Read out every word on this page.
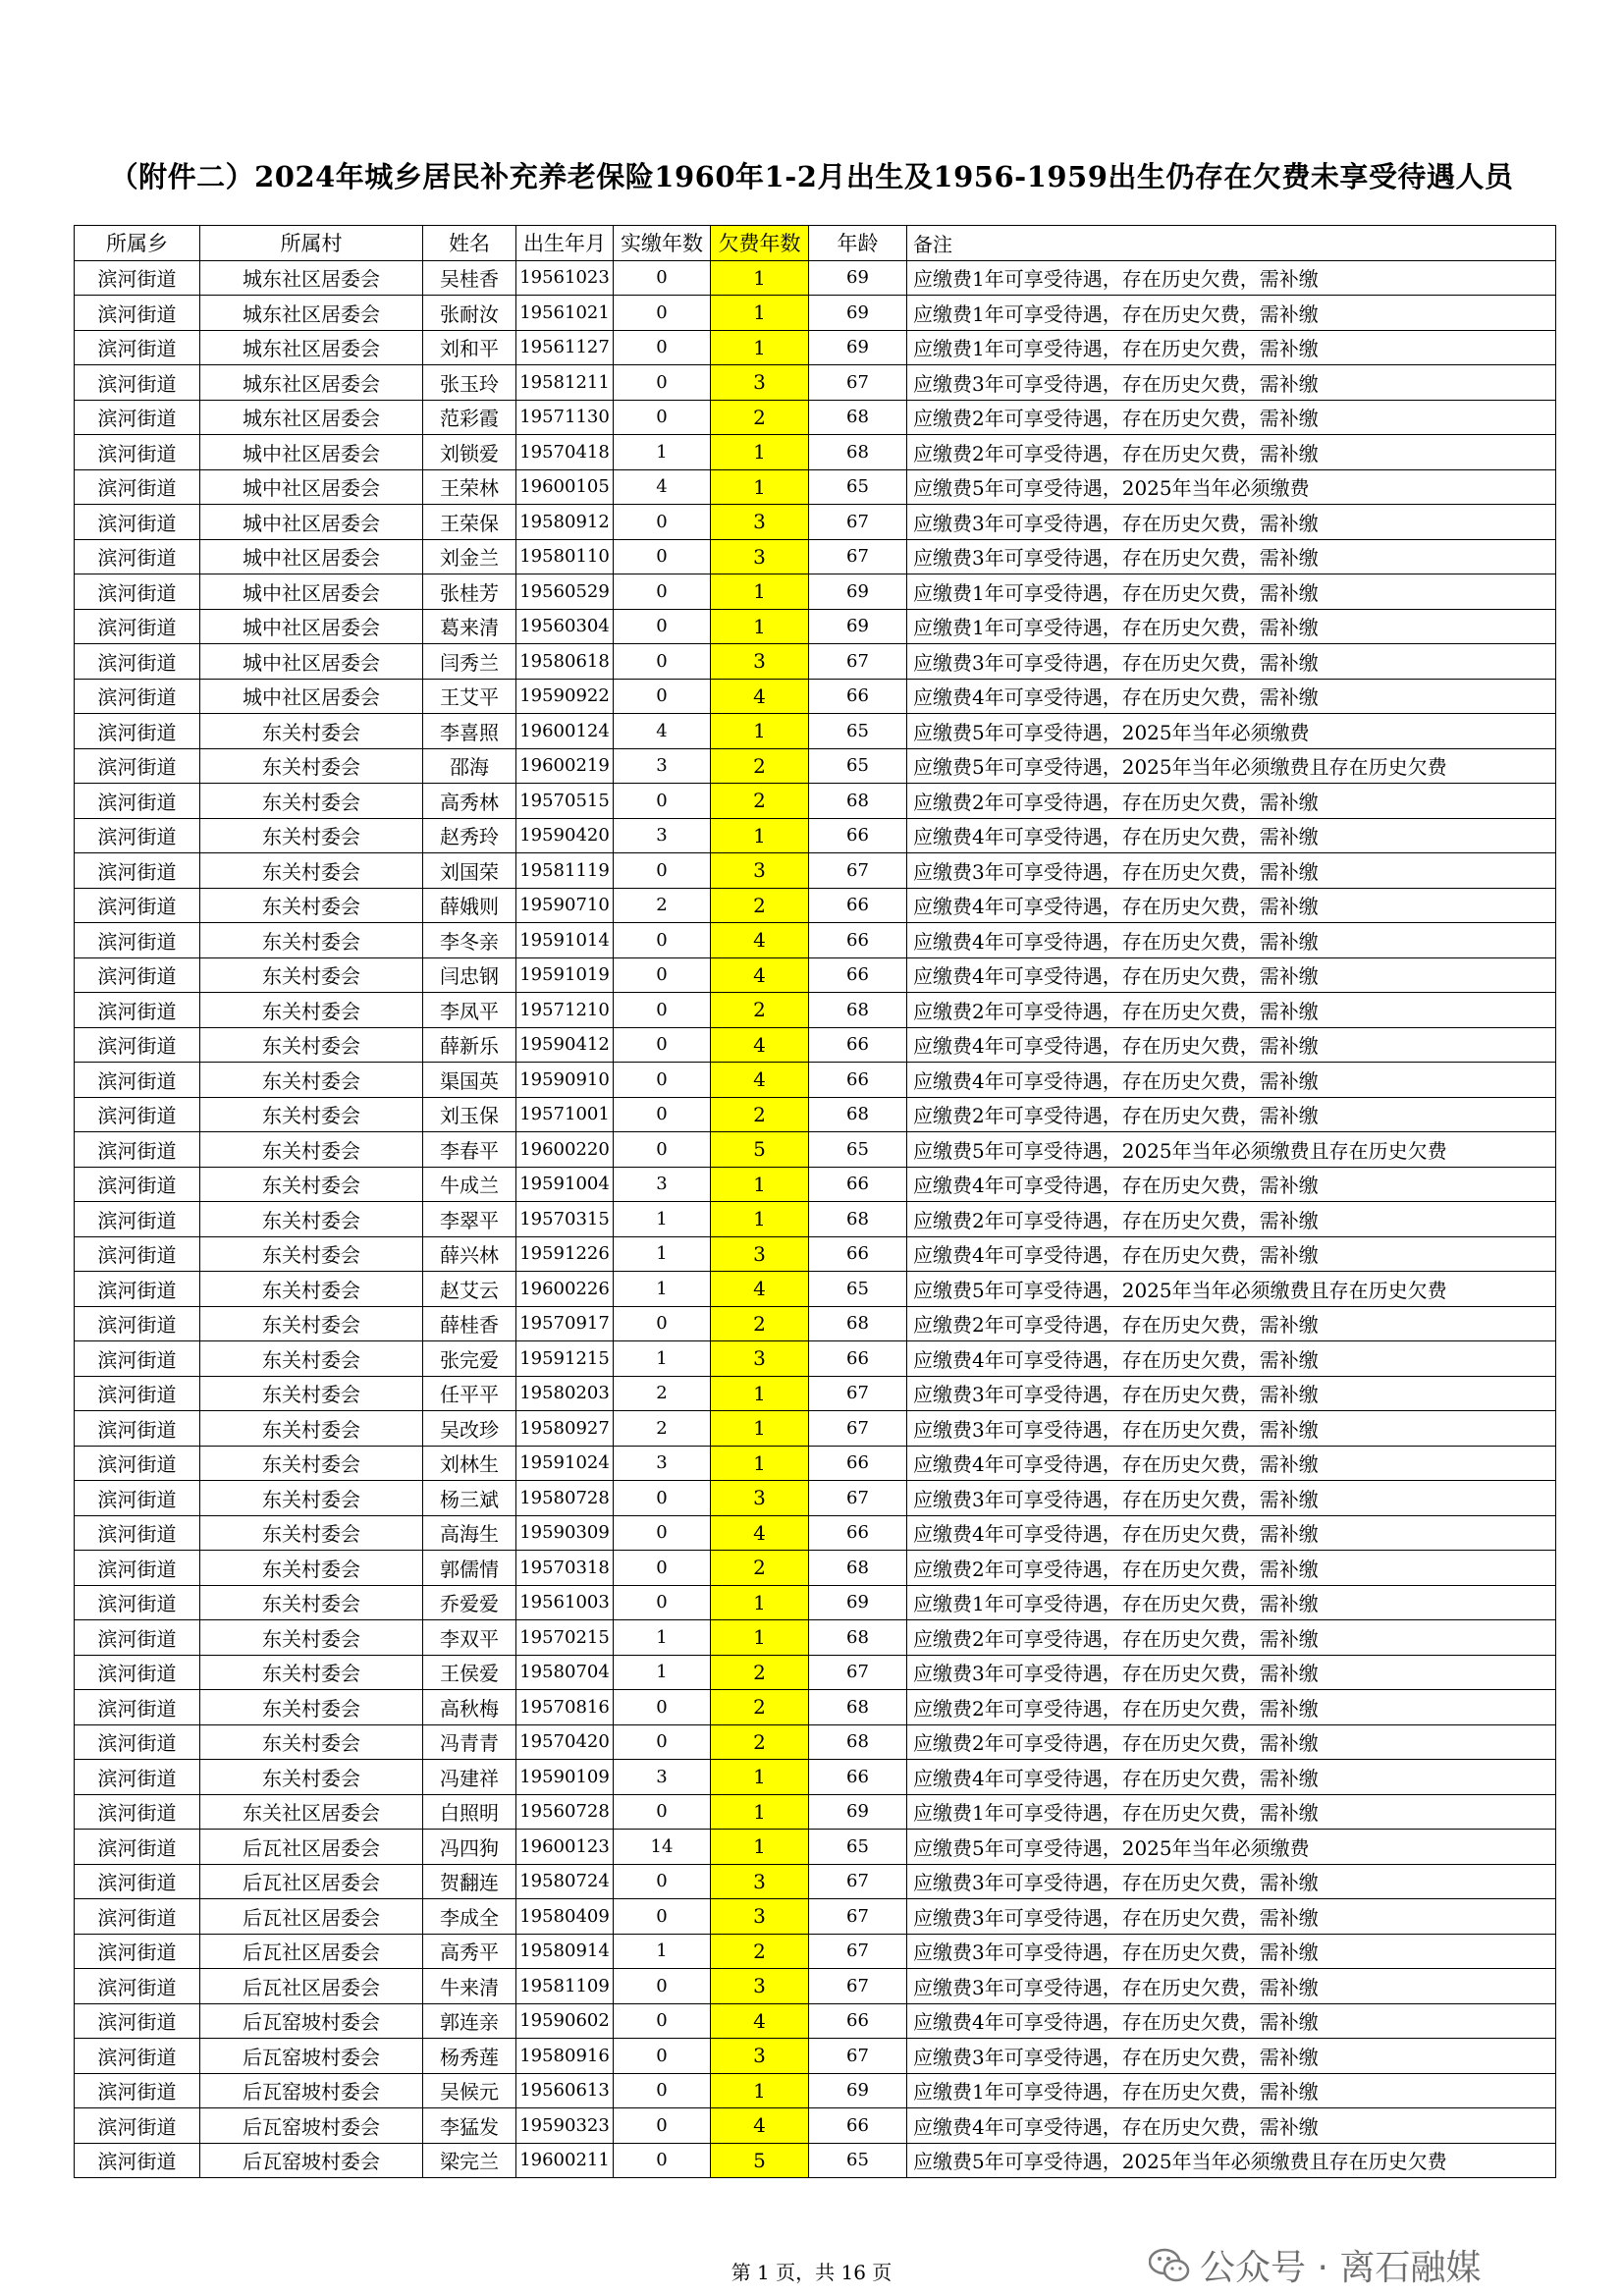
（附件二）2024年城乡居民补充养老保险1960年1-2月出生及1956-1959出生仍存在欠费未享受待遇人员
所属乡	所属村	姓名	出生年月	实缴年数	欠费年数	年龄	备注
滨河街道	城东社区居委会	吴桂香	19561023	0	1	69	应缴费1年可享受待遇，存在历史欠费，需补缴
滨河街道	城东社区居委会	张耐汝	19561021	0	1	69	应缴费1年可享受待遇，存在历史欠费，需补缴
滨河街道	城东社区居委会	刘和平	19561127	0	1	69	应缴费1年可享受待遇，存在历史欠费，需补缴
滨河街道	城东社区居委会	张玉玲	19581211	0	3	67	应缴费3年可享受待遇，存在历史欠费，需补缴
滨河街道	城东社区居委会	范彩霞	19571130	0	2	68	应缴费2年可享受待遇，存在历史欠费，需补缴
滨河街道	城中社区居委会	刘锁爱	19570418	1	1	68	应缴费2年可享受待遇，存在历史欠费，需补缴
滨河街道	城中社区居委会	王荣林	19600105	4	1	65	应缴费5年可享受待遇，2025年当年必须缴费
滨河街道	城中社区居委会	王荣保	19580912	0	3	67	应缴费3年可享受待遇，存在历史欠费，需补缴
滨河街道	城中社区居委会	刘金兰	19580110	0	3	67	应缴费3年可享受待遇，存在历史欠费，需补缴
滨河街道	城中社区居委会	张桂芳	19560529	0	1	69	应缴费1年可享受待遇，存在历史欠费，需补缴
滨河街道	城中社区居委会	葛来清	19560304	0	1	69	应缴费1年可享受待遇，存在历史欠费，需补缴
滨河街道	城中社区居委会	闫秀兰	19580618	0	3	67	应缴费3年可享受待遇，存在历史欠费，需补缴
滨河街道	城中社区居委会	王艾平	19590922	0	4	66	应缴费4年可享受待遇，存在历史欠费，需补缴
滨河街道	东关村委会	李喜照	19600124	4	1	65	应缴费5年可享受待遇，2025年当年必须缴费
滨河街道	东关村委会	邵海	19600219	3	2	65	应缴费5年可享受待遇，2025年当年必须缴费且存在历史欠费
滨河街道	东关村委会	高秀林	19570515	0	2	68	应缴费2年可享受待遇，存在历史欠费，需补缴
滨河街道	东关村委会	赵秀玲	19590420	3	1	66	应缴费4年可享受待遇，存在历史欠费，需补缴
滨河街道	东关村委会	刘国荣	19581119	0	3	67	应缴费3年可享受待遇，存在历史欠费，需补缴
滨河街道	东关村委会	薛娥则	19590710	2	2	66	应缴费4年可享受待遇，存在历史欠费，需补缴
滨河街道	东关村委会	李冬亲	19591014	0	4	66	应缴费4年可享受待遇，存在历史欠费，需补缴
滨河街道	东关村委会	闫忠钢	19591019	0	4	66	应缴费4年可享受待遇，存在历史欠费，需补缴
滨河街道	东关村委会	李凤平	19571210	0	2	68	应缴费2年可享受待遇，存在历史欠费，需补缴
滨河街道	东关村委会	薛新乐	19590412	0	4	66	应缴费4年可享受待遇，存在历史欠费，需补缴
滨河街道	东关村委会	渠国英	19590910	0	4	66	应缴费4年可享受待遇，存在历史欠费，需补缴
滨河街道	东关村委会	刘玉保	19571001	0	2	68	应缴费2年可享受待遇，存在历史欠费，需补缴
滨河街道	东关村委会	李春平	19600220	0	5	65	应缴费5年可享受待遇，2025年当年必须缴费且存在历史欠费
滨河街道	东关村委会	牛成兰	19591004	3	1	66	应缴费4年可享受待遇，存在历史欠费，需补缴
滨河街道	东关村委会	李翠平	19570315	1	1	68	应缴费2年可享受待遇，存在历史欠费，需补缴
滨河街道	东关村委会	薛兴林	19591226	1	3	66	应缴费4年可享受待遇，存在历史欠费，需补缴
滨河街道	东关村委会	赵艾云	19600226	1	4	65	应缴费5年可享受待遇，2025年当年必须缴费且存在历史欠费
滨河街道	东关村委会	薛桂香	19570917	0	2	68	应缴费2年可享受待遇，存在历史欠费，需补缴
滨河街道	东关村委会	张完爱	19591215	1	3	66	应缴费4年可享受待遇，存在历史欠费，需补缴
滨河街道	东关村委会	任平平	19580203	2	1	67	应缴费3年可享受待遇，存在历史欠费，需补缴
滨河街道	东关村委会	吴改珍	19580927	2	1	67	应缴费3年可享受待遇，存在历史欠费，需补缴
滨河街道	东关村委会	刘林生	19591024	3	1	66	应缴费4年可享受待遇，存在历史欠费，需补缴
滨河街道	东关村委会	杨三斌	19580728	0	3	67	应缴费3年可享受待遇，存在历史欠费，需补缴
滨河街道	东关村委会	高海生	19590309	0	4	66	应缴费4年可享受待遇，存在历史欠费，需补缴
滨河街道	东关村委会	郭儒情	19570318	0	2	68	应缴费2年可享受待遇，存在历史欠费，需补缴
滨河街道	东关村委会	乔爱爱	19561003	0	1	69	应缴费1年可享受待遇，存在历史欠费，需补缴
滨河街道	东关村委会	李双平	19570215	1	1	68	应缴费2年可享受待遇，存在历史欠费，需补缴
滨河街道	东关村委会	王侯爱	19580704	1	2	67	应缴费3年可享受待遇，存在历史欠费，需补缴
滨河街道	东关村委会	高秋梅	19570816	0	2	68	应缴费2年可享受待遇，存在历史欠费，需补缴
滨河街道	东关村委会	冯青青	19570420	0	2	68	应缴费2年可享受待遇，存在历史欠费，需补缴
滨河街道	东关村委会	冯建祥	19590109	3	1	66	应缴费4年可享受待遇，存在历史欠费，需补缴
滨河街道	东关社区居委会	白照明	19560728	0	1	69	应缴费1年可享受待遇，存在历史欠费，需补缴
滨河街道	后瓦社区居委会	冯四狗	19600123	14	1	65	应缴费5年可享受待遇，2025年当年必须缴费
滨河街道	后瓦社区居委会	贺翻连	19580724	0	3	67	应缴费3年可享受待遇，存在历史欠费，需补缴
滨河街道	后瓦社区居委会	李成全	19580409	0	3	67	应缴费3年可享受待遇，存在历史欠费，需补缴
滨河街道	后瓦社区居委会	高秀平	19580914	1	2	67	应缴费3年可享受待遇，存在历史欠费，需补缴
滨河街道	后瓦社区居委会	牛来清	19581109	0	3	67	应缴费3年可享受待遇，存在历史欠费，需补缴
滨河街道	后瓦窑坡村委会	郭连亲	19590602	0	4	66	应缴费4年可享受待遇，存在历史欠费，需补缴
滨河街道	后瓦窑坡村委会	杨秀莲	19580916	0	3	67	应缴费3年可享受待遇，存在历史欠费，需补缴
滨河街道	后瓦窑坡村委会	吴候元	19560613	0	1	69	应缴费1年可享受待遇，存在历史欠费，需补缴
滨河街道	后瓦窑坡村委会	李猛发	19590323	0	4	66	应缴费4年可享受待遇，存在历史欠费，需补缴
滨河街道	后瓦窑坡村委会	梁完兰	19600211	0	5	65	应缴费5年可享受待遇，2025年当年必须缴费且存在历史欠费
第 1 页，共 16 页	公众号 · 离石融媒
